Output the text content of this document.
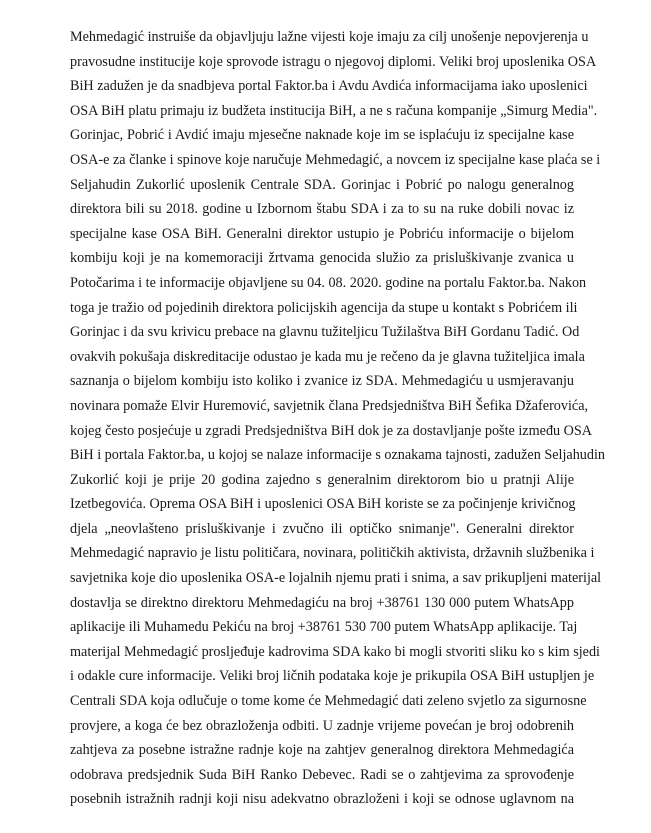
Mehmedagić instruiše da objavljuju lažne vijesti koje imaju za cilj unošenje nepovjerenja u
pravosudne institucije koje sprovode istragu o njegovoj diplomi. Veliki broj uposlenika OSA
BiH zadužen je da snadbjeva portal Faktor.ba i Avdu Avdića informacijama iako uposlenici
OSA BiH platu primaju iz budžeta institucija BiH, a ne s računa kompanije „Simurg Media".
Gorinjac, Pobrić i Avdić imaju mjesečne naknade koje im se isplaćuju iz specijalne kase
OSA-e za članke i spinove koje naručuje Mehmedagić, a novcem iz specijalne kase plaća se i
Seljahudin Zukorlić uposlenik Centrale SDA. Gorinjac i Pobrić po nalogu generalnog
direktora bili su 2018. godine u Izbornom štabu SDA i za to su na ruke dobili novac iz
specijalne kase OSA BiH. Generalni direktor ustupio je Pobriću informacije o bijelom
kombiju koji je na komemoraciji žrtvama genocida služio za prisluškivanje zvanica u
Potočarima i te informacije objavljene su 04. 08. 2020. godine na portalu Faktor.ba. Nakon
toga je tražio od pojedinih direktora policijskih agencija da stupe u kontakt s Pobrićem ili
Gorinjac i da svu krivicu prebace na glavnu tužiteljicu Tužilaštva BiH Gordanu Tadić. Od
ovakvih pokušaja diskreditacije odustao je kada mu je rečeno da je glavna tužiteljica imala
saznanja o bijelom kombiju isto koliko i zvanice iz SDA. Mehmedagiću u usmjeravanju
novinara pomaže Elvir Huremović, savjetnik člana Predsjedništva BiH Šefika Džaferovića,
kojeg često posjećuje u zgradi Predsjedništva BiH dok je za dostavljanje pošte između OSA
BiH i portala Faktor.ba, u kojoj se nalaze informacije s oznakama tajnosti, zadužen Seljahudin
Zukorlić koji je prije 20 godina zajedno s generalnim direktorom bio u pratnji Alije
Izetbegovića. Oprema OSA BiH i uposlenici OSA BiH koriste se za počinjenje krivičnog
djela „neovlašteno prisluškivanje i zvučno ili optičko snimanje". Generalni direktor
Mehmedagić napravio je listu političara, novinara, političkih aktivista, državnih službenika i
savjetnika koje dio uposlenika OSA-e lojalnih njemu prati i snima, a sav prikupljeni materijal
dostavlja se direktno direktoru Mehmedagiću na broj +38761 130 000 putem WhatsApp
aplikacije ili Muhamedu Pekiću na broj +38761 530 700 putem WhatsApp aplikacije. Taj
materijal Mehmedagić prosljeđuje kadrovima SDA kako bi mogli stvoriti sliku ko s kim sjedi
i odakle cure informacije. Veliki broj ličnih podataka koje je prikupila OSA BiH ustupljen je
Centrali SDA koja odlučuje o tome kome će Mehmedagić dati zeleno svjetlo za sigurnosne
provjere, a koga će bez obrazloženja odbiti. U zadnje vrijeme povećan je broj odobrenih
zahtjeva za posebne istražne radnje koje na zahtjev generalnog direktora Mehmedagića
odobrava predsjednik Suda BiH Ranko Debevec. Radi se o zahtjevima za sprovođenje
posebnih istražnih radnji koji nisu adekvatno obrazloženi i koji se odnose uglavnom na
